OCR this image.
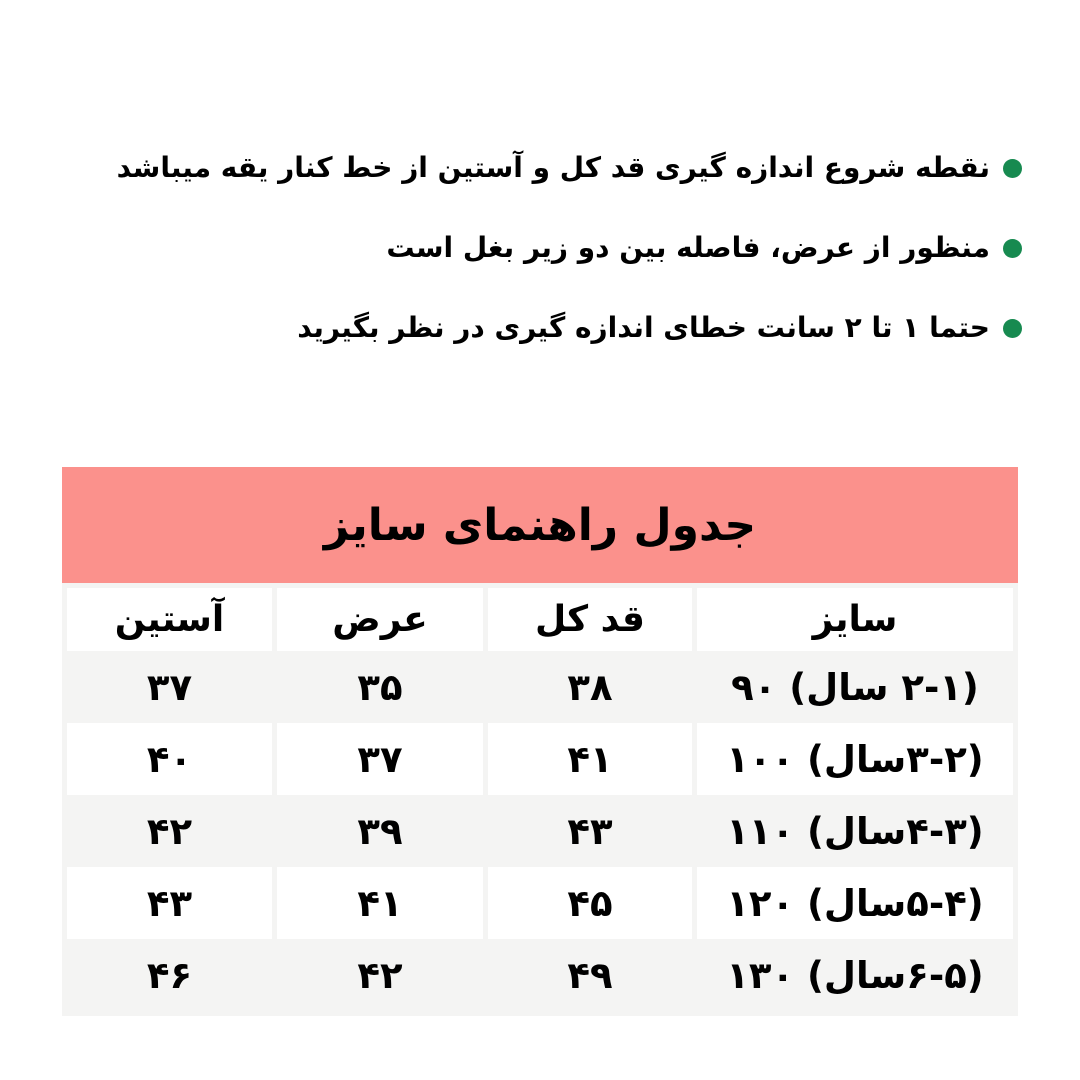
نقطه شروع اندازه گیری قد کل و آستین از خط کنار یقه میباشد
منظور از عرض، فاصله بین دو زیر بغل است
حتما ۱ تا ۲ سانت خطای اندازه گیری در نظر بگیرید
جدول راهنمای سایز
سایز
قد کل
عرض
آستین
(۲-۱ سال) ۹۰
۳۸
۳۵
۳۷
(۳-۲سال) ۱۰۰
۴۱
۳۷
۴۰
(۴-۳سال) ۱۱۰
۴۳
۳۹
۴۲
(۵-۴سال) ۱۲۰
۴۵
۴۱
۴۳
(۶-۵سال) ۱۳۰
۴۹
۴۲
۴۶
